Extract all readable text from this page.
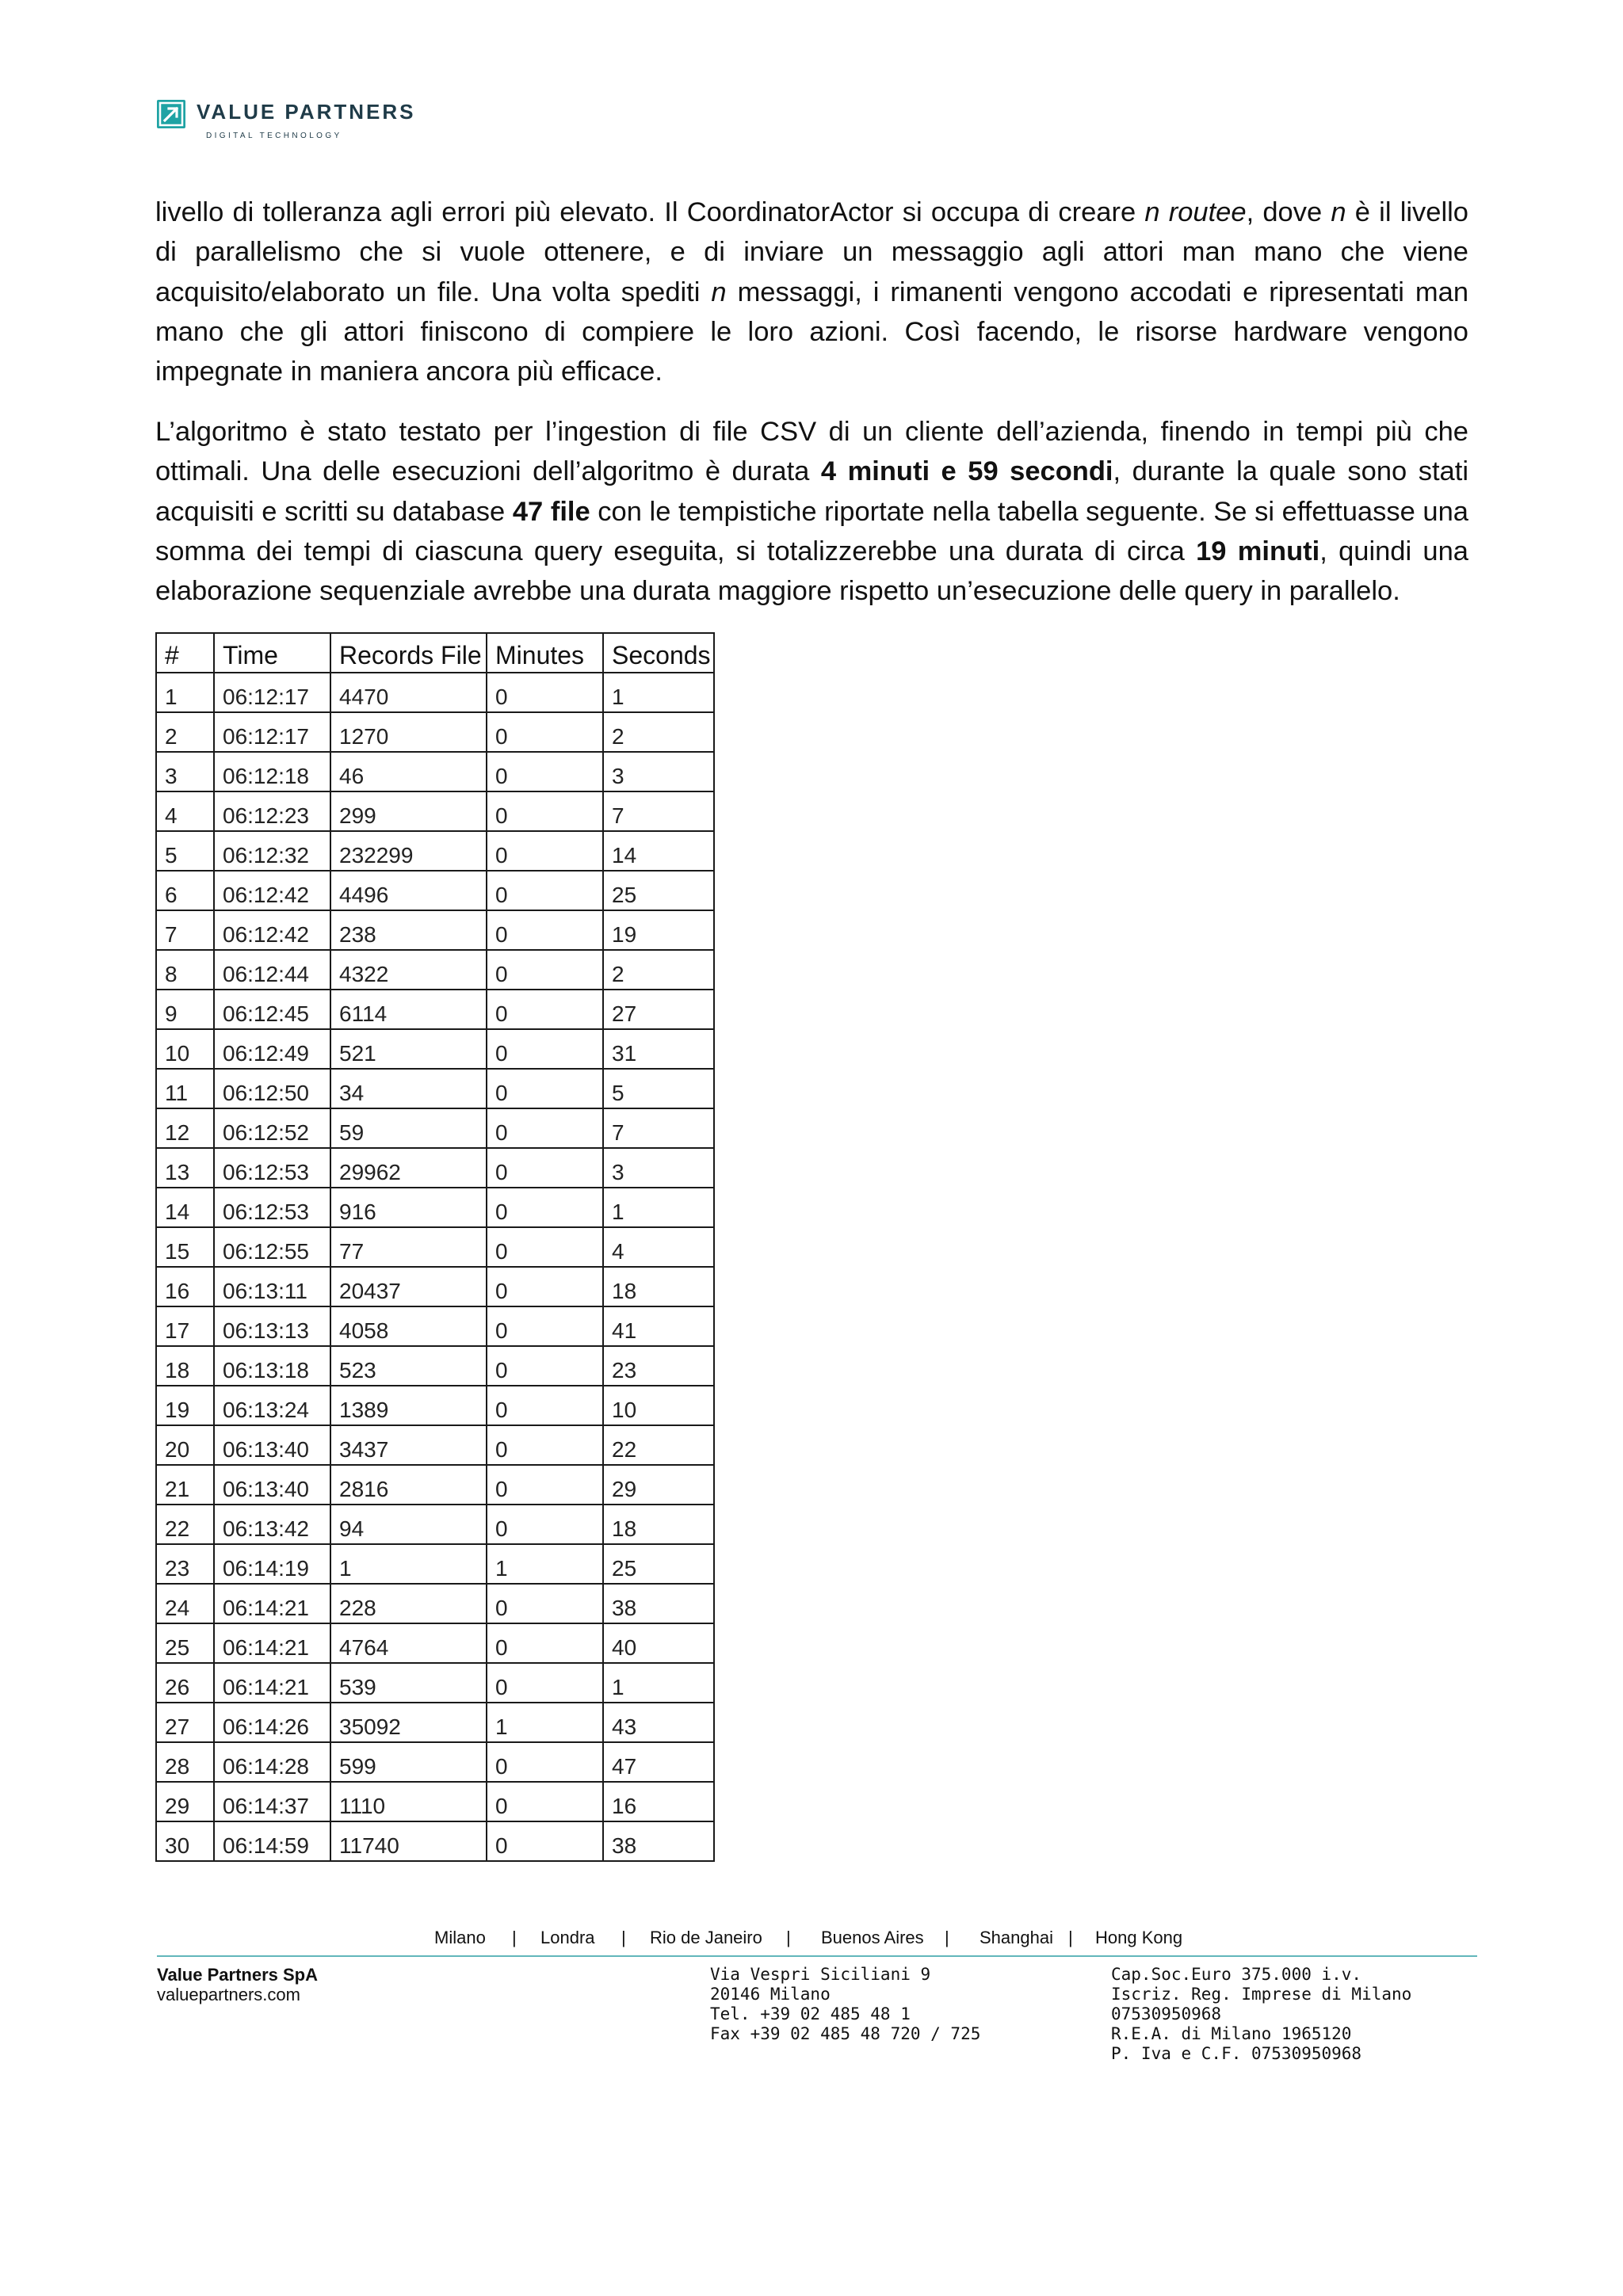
VALUE PARTNERS
DIGITAL TECHNOLOGY

livello di tolleranza agli errori più elevato. Il CoordinatorActor si occupa di creare n routee, dove n è il livello di parallelismo che si vuole ottenere, e di inviare un messaggio agli attori man mano che viene acquisito/elaborato un file. Una volta spediti n messaggi, i rimanenti vengono accodati e ripresentati man mano che gli attori finiscono di compiere le loro azioni. Così facendo, le risorse hardware vengono impegnate in maniera ancora più efficace.

L’algoritmo è stato testato per l’ingestion di file CSV di un cliente dell’azienda, finendo in tempi più che ottimali. Una delle esecuzioni dell’algoritmo è durata 4 minuti e 59 secondi, durante la quale sono stati acquisiti e scritti su database 47 file con le tempistiche riportate nella tabella seguente. Se si effettuasse una somma dei tempi di ciascuna query eseguita, si totalizzerebbe una durata di circa 19 minuti, quindi una elaborazione sequenziale avrebbe una durata maggiore rispetto un’esecuzione delle query in parallelo.

#	Time	Records File	Minutes	Seconds
1	06:12:17	4470	0	1
2	06:12:17	1270	0	2
3	06:12:18	46	0	3
4	06:12:23	299	0	7
5	06:12:32	232299	0	14
6	06:12:42	4496	0	25
7	06:12:42	238	0	19
8	06:12:44	4322	0	2
9	06:12:45	6114	0	27
10	06:12:49	521	0	31
11	06:12:50	34	0	5
12	06:12:52	59	0	7
13	06:12:53	29962	0	3
14	06:12:53	916	0	1
15	06:12:55	77	0	4
16	06:13:11	20437	0	18
17	06:13:13	4058	0	41
18	06:13:18	523	0	23
19	06:13:24	1389	0	10
20	06:13:40	3437	0	22
21	06:13:40	2816	0	29
22	06:13:42	94	0	18
23	06:14:19	1	1	25
24	06:14:21	228	0	38
25	06:14:21	4764	0	40
26	06:14:21	539	0	1
27	06:14:26	35092	1	43
28	06:14:28	599	0	47
29	06:14:37	1110	0	16
30	06:14:59	11740	0	38
Milano | Londra | Rio de Janeiro | Buenos Aires | Shanghai | Hong Kong
Value Partners SpA
valuepartners.com
Via Vespri Siciliani 9
20146 Milano
Tel. +39 02 485 48 1
Fax +39 02 485 48 720 / 725
Cap.Soc.Euro 375.000 i.v.
Iscriz. Reg. Imprese di Milano
07530950968
R.E.A. di Milano 1965120
P. Iva e C.F. 07530950968
